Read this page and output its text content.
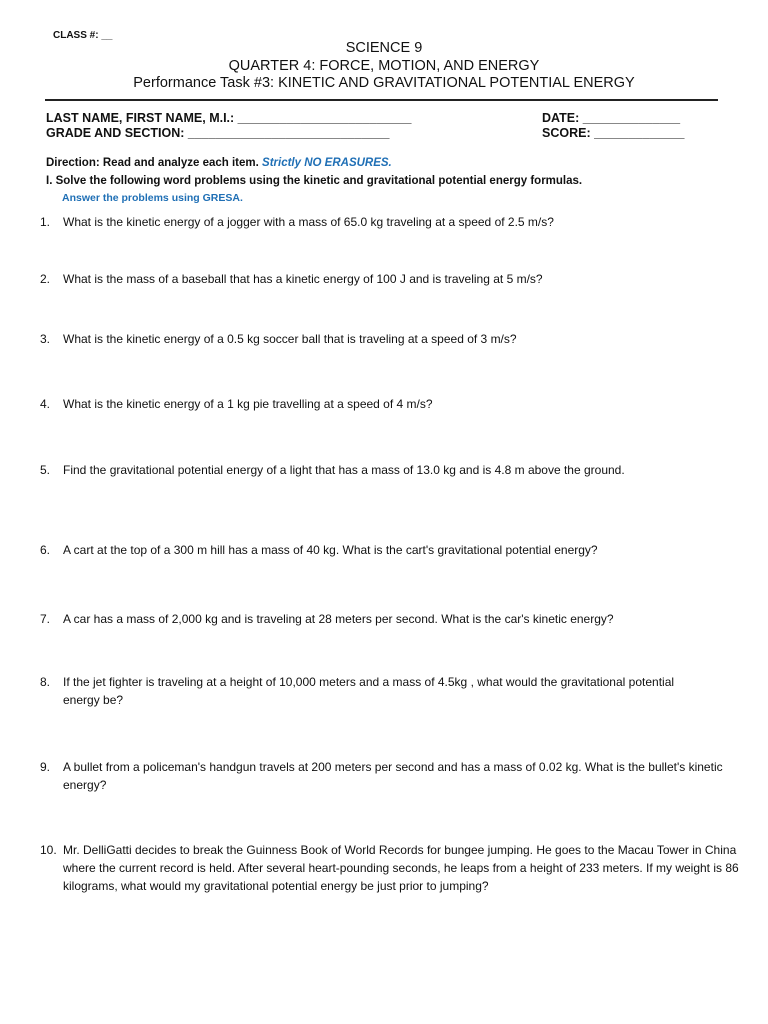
CLASS #: __
SCIENCE 9
QUARTER 4: FORCE, MOTION, AND ENERGY
Performance Task #3: KINETIC AND GRAVITATIONAL POTENTIAL ENERGY
LAST NAME, FIRST NAME, M.I.: _________________________
GRADE AND SECTION: _____________________________
DATE: ______________
SCORE: _____________
Direction: Read and analyze each item. Strictly NO ERASURES.
I. Solve the following word problems using the kinetic and gravitational potential energy formulas.
Answer the problems using GRESA.
1. What is the kinetic energy of a jogger with a mass of 65.0 kg traveling at a speed of 2.5 m/s?
2. What is the mass of a baseball that has a kinetic energy of 100 J and is traveling at 5 m/s?
3. What is the kinetic energy of a 0.5 kg soccer ball that is traveling at a speed of 3 m/s?
4. What is the kinetic energy of a 1 kg pie travelling at a speed of 4 m/s?
5. Find the gravitational potential energy of a light that has a mass of 13.0 kg and is 4.8 m above the ground.
6. A cart at the top of a 300 m hill has a mass of 40 kg. What is the cart's gravitational potential energy?
7. A car has a mass of 2,000 kg and is traveling at 28 meters per second. What is the car's kinetic energy?
8. If the jet fighter is traveling at a height of 10,000 meters and a mass of 4.5kg , what would the gravitational potential energy be?
9. A bullet from a policeman's handgun travels at 200 meters per second and has a mass of 0.02 kg. What is the bullet's kinetic energy?
10. Mr. DelliGatti decides to break the Guinness Book of World Records for bungee jumping. He goes to the Macau Tower in China where the current record is held. After several heart-pounding seconds, he leaps from a height of 233 meters. If my weight is 86 kilograms, what would my gravitational potential energy be just prior to jumping?
